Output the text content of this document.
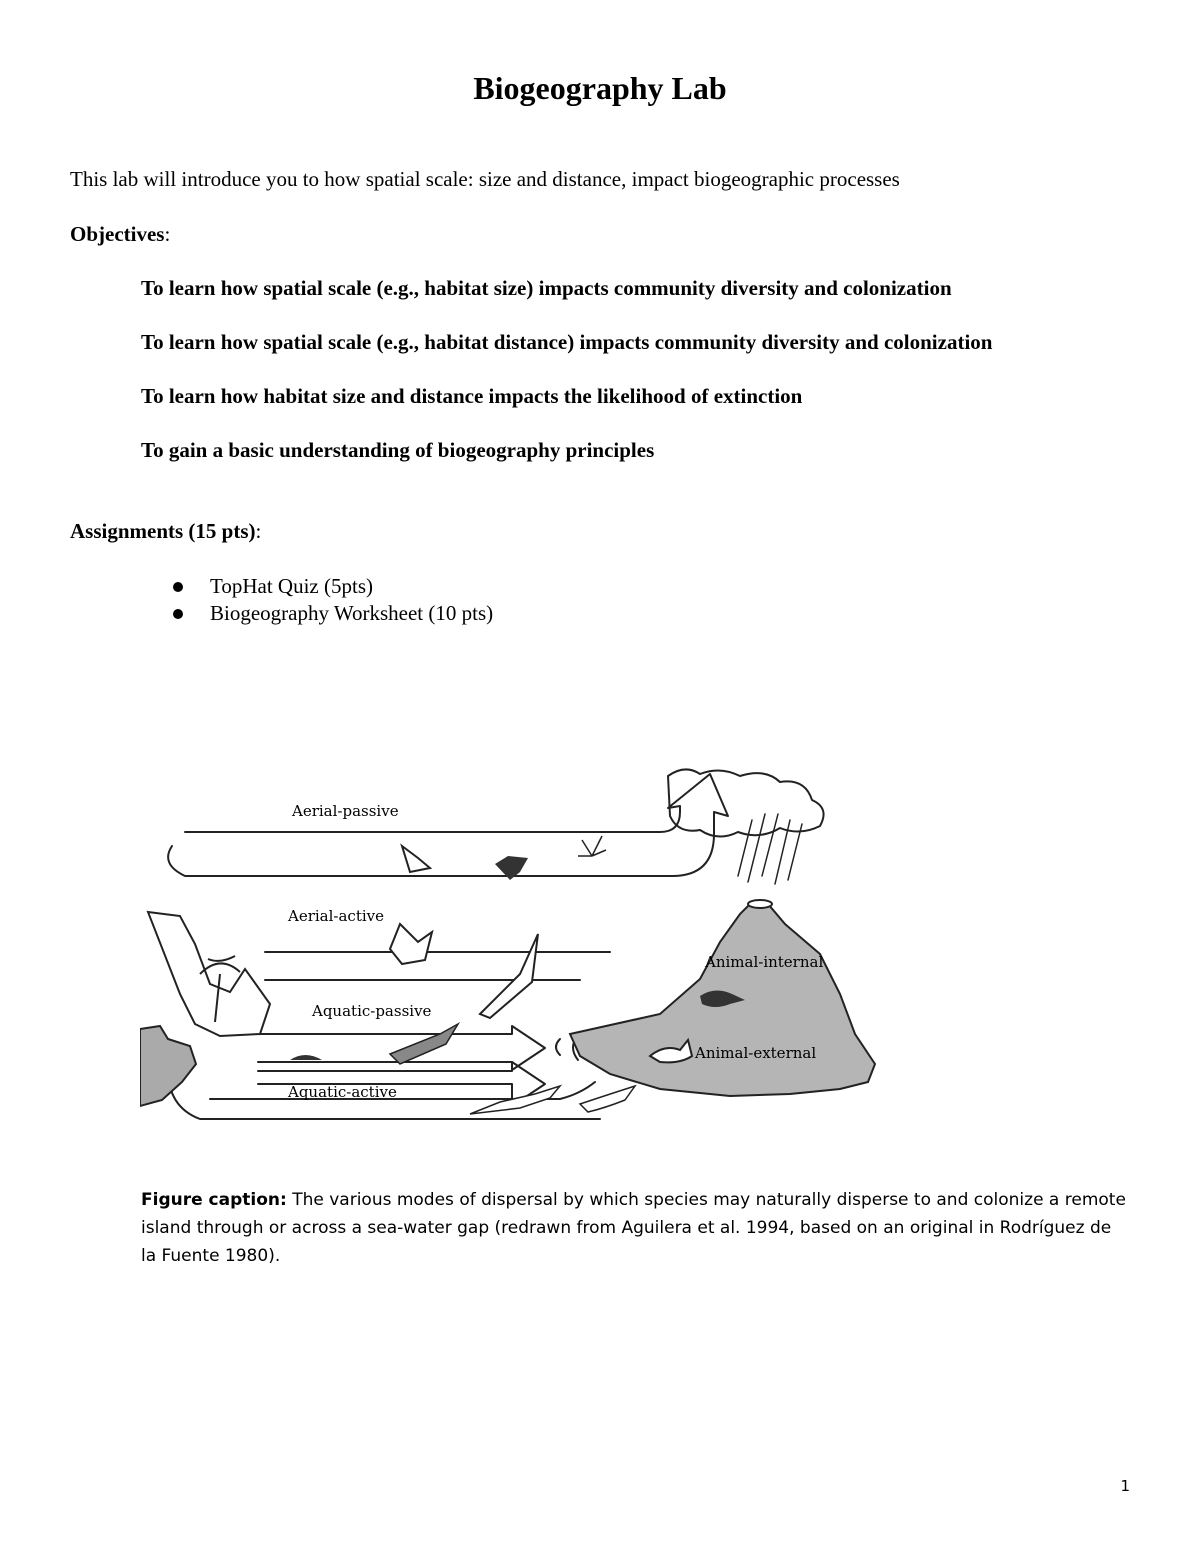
Biogeography Lab
This lab will introduce you to how spatial scale: size and distance, impact biogeographic processes
Objectives:
To learn how spatial scale (e.g., habitat size) impacts community diversity and colonization
To learn how spatial scale (e.g., habitat distance) impacts community diversity and colonization
To learn how habitat size and distance impacts the likelihood of extinction
To gain a basic understanding of biogeography principles
Assignments (15 pts):
TopHat Quiz (5pts)
Biogeography Worksheet (10 pts)
Aerial-passive
Aerial-active
Aquatic-passive
Aquatic-active
Animal-internal
Animal-external
Figure caption: The various modes of dispersal by which species may naturally disperse to and colonize a remote island through or across a sea-water gap (redrawn from Aguilera et al. 1994, based on an original in Rodríguez de la Fuente 1980).
1
